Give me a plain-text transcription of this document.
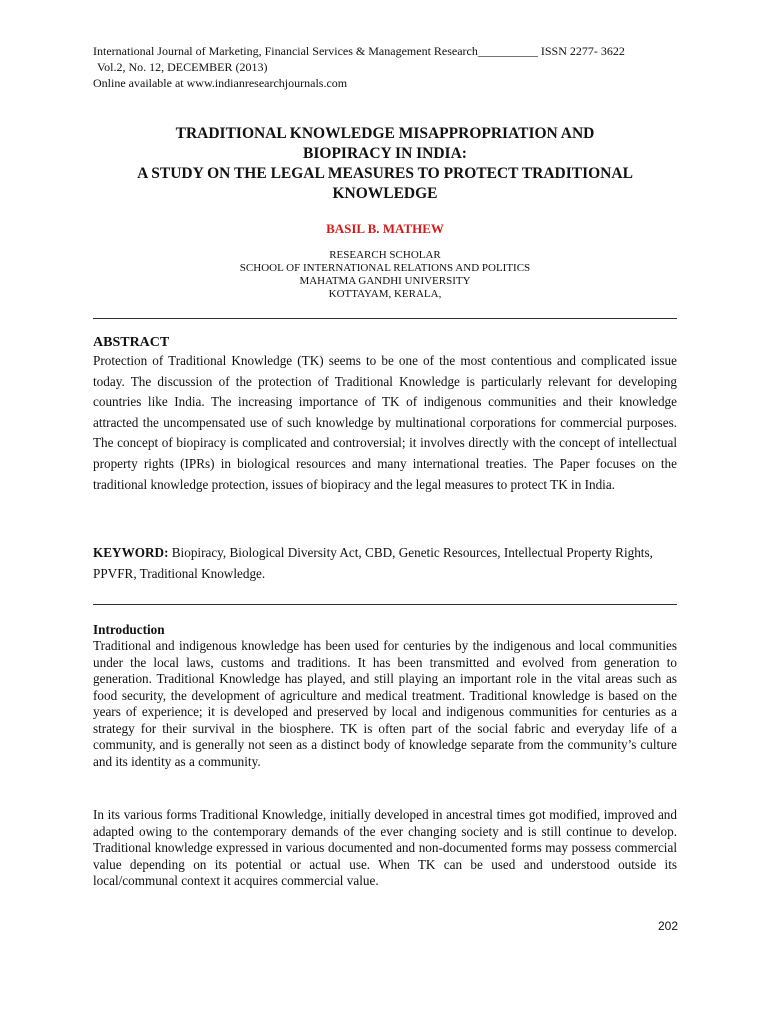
International Journal of Marketing, Financial Services & Management Research__________ ISSN 2277- 3622
Vol.2, No. 12, DECEMBER (2013)
Online available at www.indianresearchjournals.com
TRADITIONAL KNOWLEDGE MISAPPROPRIATION AND
BIOPIRACY IN INDIA:
A STUDY ON THE LEGAL MEASURES TO PROTECT TRADITIONAL
KNOWLEDGE
BASIL B. MATHEW
RESEARCH SCHOLAR
SCHOOL OF INTERNATIONAL RELATIONS AND POLITICS
MAHATMA GANDHI UNIVERSITY
KOTTAYAM, KERALA,
ABSTRACT

Protection of Traditional Knowledge (TK) seems to be one of the most contentious and complicated issue today. The discussion of the protection of Traditional Knowledge is particularly relevant for developing countries like India. The increasing importance of TK of indigenous communities and their knowledge attracted the uncompensated use of such knowledge by multinational corporations for commercial purposes. The concept of biopiracy is complicated and controversial; it involves directly with the concept of intellectual property rights (IPRs) in biological resources and many international treaties. The Paper focuses on the traditional knowledge protection, issues of biopiracy and the legal measures to protect TK in India.

KEYWORD: Biopiracy, Biological Diversity Act, CBD, Genetic Resources, Intellectual Property Rights, PPVFR, Traditional Knowledge.
Introduction

Traditional and indigenous knowledge has been used for centuries by the indigenous and local communities under the local laws, customs and traditions. It has been transmitted and evolved from generation to generation. Traditional Knowledge has played, and still playing an important role in the vital areas such as food security, the development of agriculture and medical treatment. Traditional knowledge is based on the years of experience; it is developed and preserved by local and indigenous communities for centuries as a strategy for their survival in the biosphere. TK is often part of the social fabric and everyday life of a community, and is generally not seen as a distinct body of knowledge separate from the community’s culture and its identity as a community.

In its various forms Traditional Knowledge, initially developed in ancestral times got modified, improved and adapted owing to the contemporary demands of the ever changing society and is still continue to develop. Traditional knowledge expressed in various documented and non-documented forms may possess commercial value depending on its potential or actual use. When TK can be used and understood outside its local/communal context it acquires commercial value.

202
